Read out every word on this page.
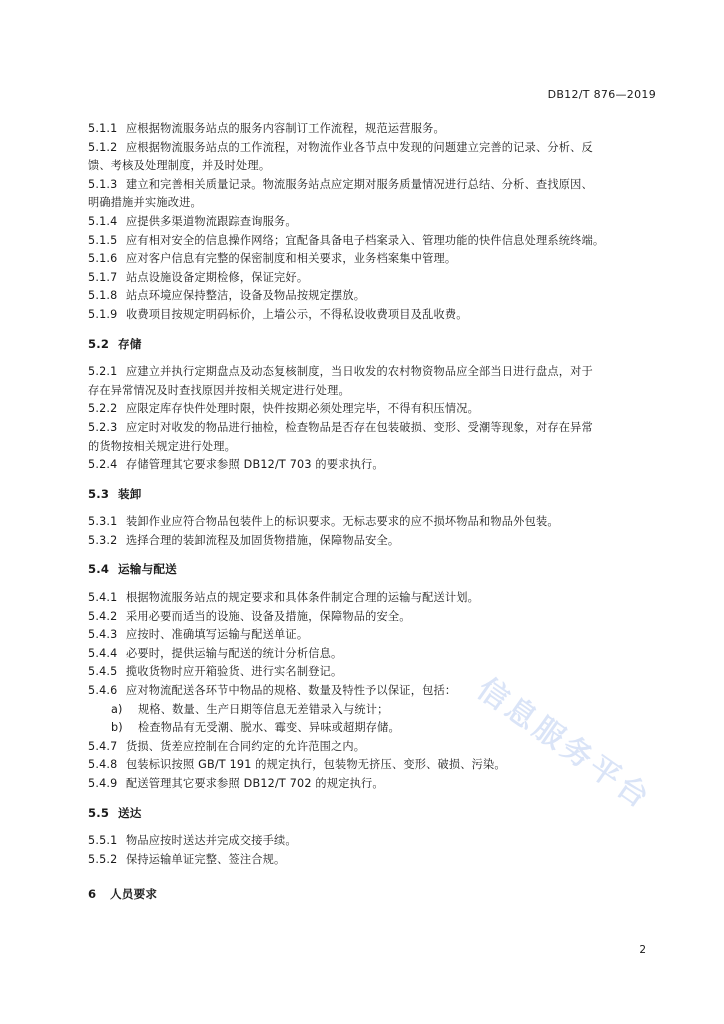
DB12/T 876—2019
信息服务平台

5.1.1 应根据物流服务站点的服务内容制订工作流程，规范运营服务。

5.1.2 应根据物流服务站点的工作流程，对物流作业各节点中发现的问题建立完善的记录、分析、反
馈、考核及处理制度，并及时处理。

5.1.3 建立和完善相关质量记录。物流服务站点应定期对服务质量情况进行总结、分析、查找原因、
明确措施并实施改进。

5.1.4 应提供多渠道物流跟踪查询服务。

5.1.5 应有相对安全的信息操作网络；宜配备具备电子档案录入、管理功能的快件信息处理系统终端。

5.1.6 应对客户信息有完整的保密制度和相关要求，业务档案集中管理。

5.1.7 站点设施设备定期检修，保证完好。

5.1.8 站点环境应保持整洁，设备及物品按规定摆放。

5.1.9 收费项目按规定明码标价，上墙公示，不得私设收费项目及乱收费。

5.2 存储

5.2.1 应建立并执行定期盘点及动态复核制度，当日收发的农村物资物品应全部当日进行盘点，对于
存在异常情况及时查找原因并按相关规定进行处理。

5.2.2 应限定库存快件处理时限，快件按期必须处理完毕，不得有积压情况。

5.2.3 应定时对收发的物品进行抽检，检查物品是否存在包装破损、变形、受潮等现象，对存在异常
的货物按相关规定进行处理。

5.2.4 存储管理其它要求参照 DB12/T 703 的要求执行。

5.3 装卸

5.3.1 装卸作业应符合物品包装件上的标识要求。无标志要求的应不损坏物品和物品外包装。

5.3.2 选择合理的装卸流程及加固货物措施，保障物品安全。

5.4 运输与配送

5.4.1 根据物流服务站点的规定要求和具体条件制定合理的运输与配送计划。

5.4.2 采用必要而适当的设施、设备及措施，保障物品的安全。

5.4.3 应按时、准确填写运输与配送单证。

5.4.4 必要时，提供运输与配送的统计分析信息。

5.4.5 揽收货物时应开箱验货、进行实名制登记。

5.4.6 应对物流配送各环节中物品的规格、数量及特性予以保证，包括：

a) 规格、数量、生产日期等信息无差错录入与统计；

b) 检查物品有无受潮、脱水、霉变、异味或超期存储。

5.4.7 货损、货差应控制在合同约定的允许范围之内。

5.4.8 包装标识按照 GB/T 191 的规定执行，包装物无挤压、变形、破损、污染。

5.4.9 配送管理其它要求参照 DB12/T 702 的规定执行。

5.5 送达

5.5.1 物品应按时送达并完成交接手续。

5.5.2 保持运输单证完整、签注合规。

6 人员要求

2
